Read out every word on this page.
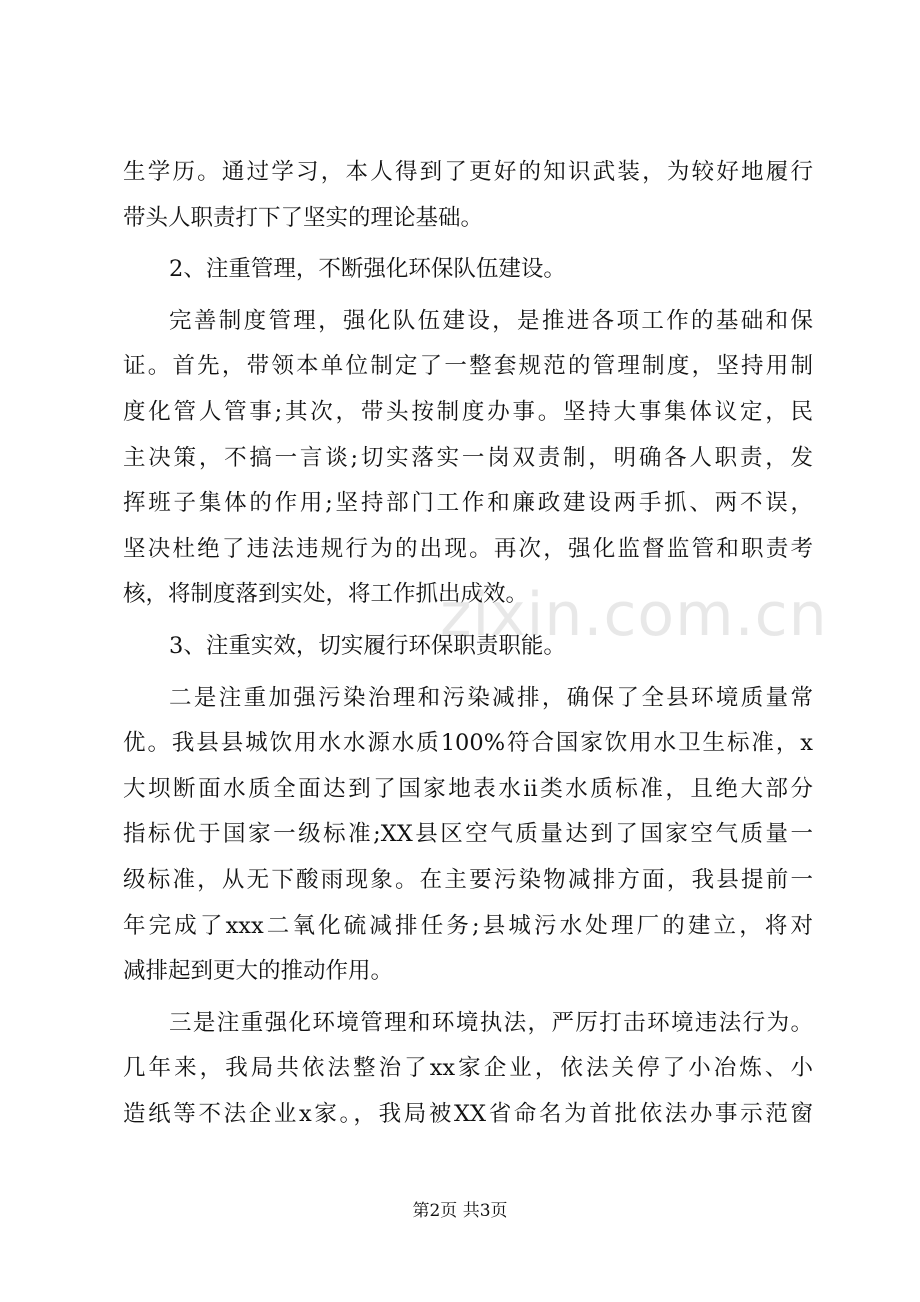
生学历。通过学习，本人得到了更好的知识武装，为较好地履行
带头人职责打下了坚实的理论基础。
2、注重管理，不断强化环保队伍建设。
完善制度管理，强化队伍建设，是推进各项工作的基础和保
证。首先，带领本单位制定了一整套规范的管理制度，坚持用制
度化管人管事;其次，带头按制度办事。坚持大事集体议定，民
主决策，不搞一言谈;切实落实一岗双责制，明确各人职责，发
挥班子集体的作用;坚持部门工作和廉政建设两手抓、两不误，
坚决杜绝了违法违规行为的出现。再次，强化监督监管和职责考
核，将制度落到实处，将工作抓出成效。
3、注重实效，切实履行环保职责职能。
二是注重加强污染治理和污染减排，确保了全县环境质量常
优。我县县城饮用水水源水质100%符合国家饮用水卫生标准，x
大坝断面水质全面达到了国家地表水ii类水质标准，且绝大部分
指标优于国家一级标准;XX县区空气质量达到了国家空气质量一
级标准，从无下酸雨现象。在主要污染物减排方面，我县提前一
年完成了xxx二氧化硫减排任务;县城污水处理厂的建立，将对
减排起到更大的推动作用。
三是注重强化环境管理和环境执法，严厉打击环境违法行为。
几年来，我局共依法整治了xx家企业，依法关停了小冶炼、小
造纸等不法企业x家。，我局被XX省命名为首批依法办事示范窗
zixin.com.cn
第2页 共3页
